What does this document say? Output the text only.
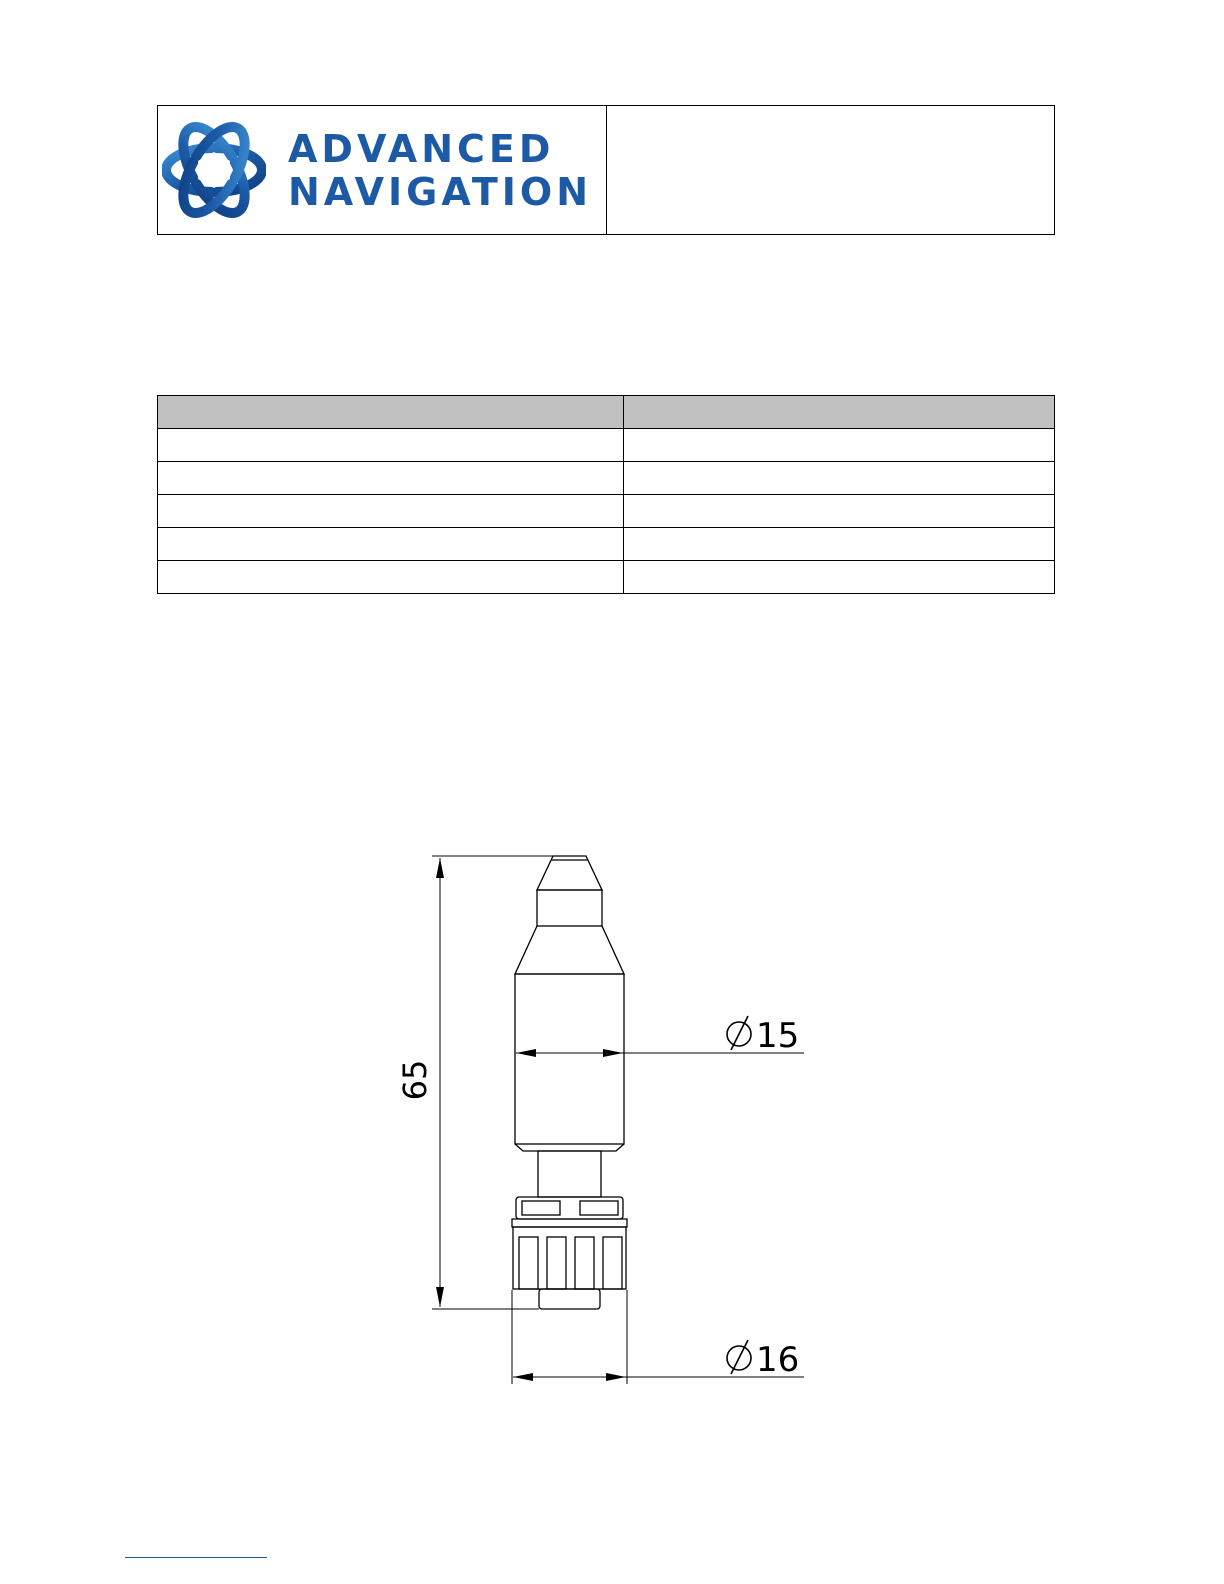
ADVANCED
NAVIGATION

65
15
16
